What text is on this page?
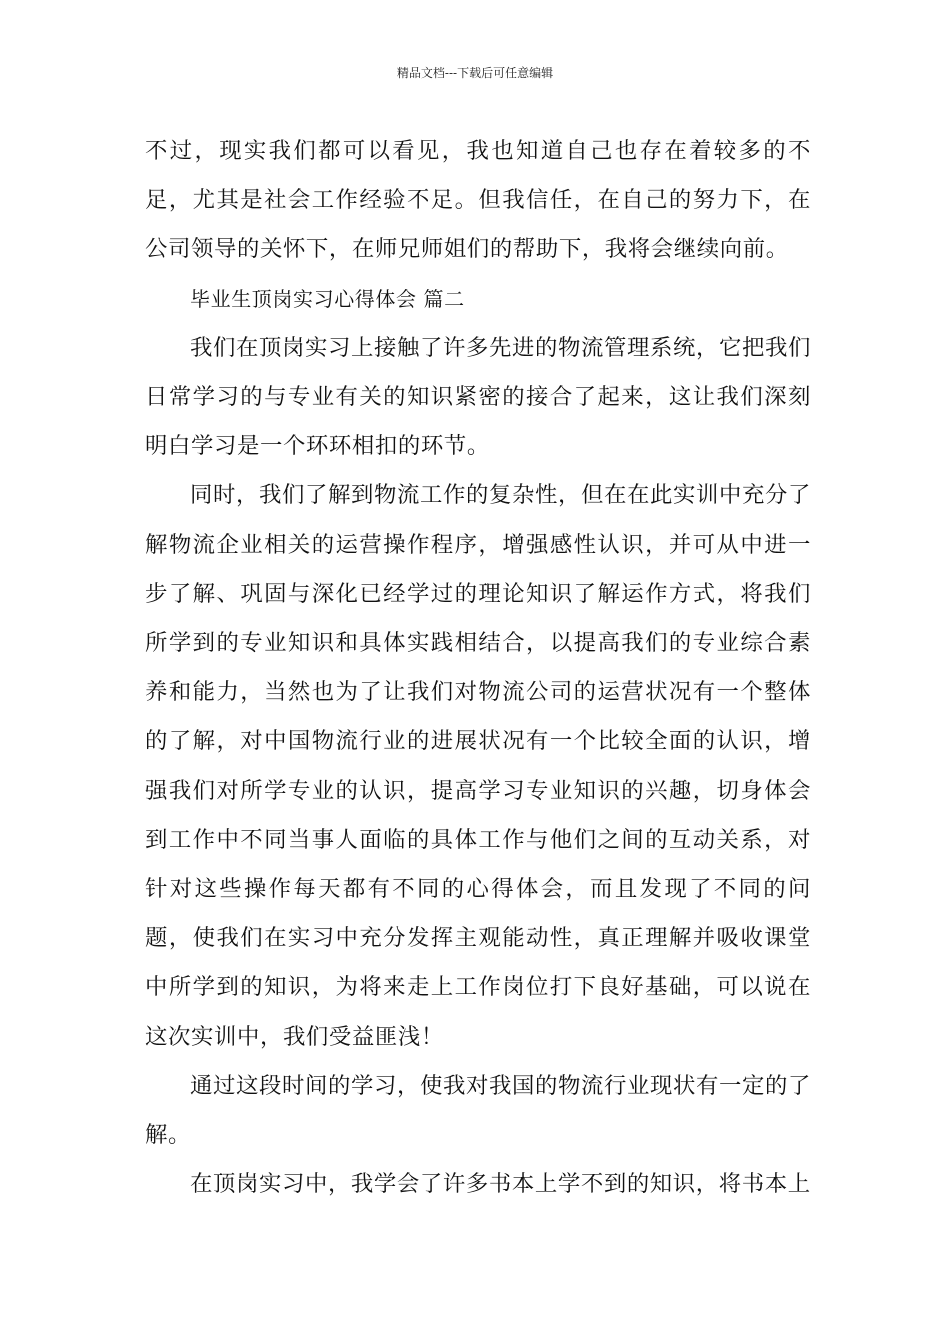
精品文档---下载后可任意编辑

不过，现实我们都可以看见，我也知道自己也存在着较多的不足，尤其是社会工作经验不足。但我信任，在自己的努力下，在公司领导的关怀下，在师兄师姐们的帮助下，我将会继续向前。

毕业生顶岗实习心得体会 篇二

我们在顶岗实习上接触了许多先进的物流管理系统，它把我们日常学习的与专业有关的知识紧密的接合了起来，这让我们深刻明白学习是一个环环相扣的环节。

同时，我们了解到物流工作的复杂性，但在在此实训中充分了解物流企业相关的运营操作程序，增强感性认识，并可从中进一步了解、巩固与深化已经学过的理论知识了解运作方式，将我们所学到的专业知识和具体实践相结合，以提高我们的专业综合素养和能力，当然也为了让我们对物流公司的运营状况有一个整体的了解，对中国物流行业的进展状况有一个比较全面的认识，增强我们对所学专业的认识，提高学习专业知识的兴趣，切身体会到工作中不同当事人面临的具体工作与他们之间的互动关系，对针对这些操作每天都有不同的心得体会，而且发现了不同的问题，使我们在实习中充分发挥主观能动性，真正理解并吸收课堂中所学到的知识，为将来走上工作岗位打下良好基础，可以说在这次实训中，我们受益匪浅！

通过这段时间的学习，使我对我国的物流行业现状有一定的了解。

在顶岗实习中，我学会了许多书本上学不到的知识，将书本上
